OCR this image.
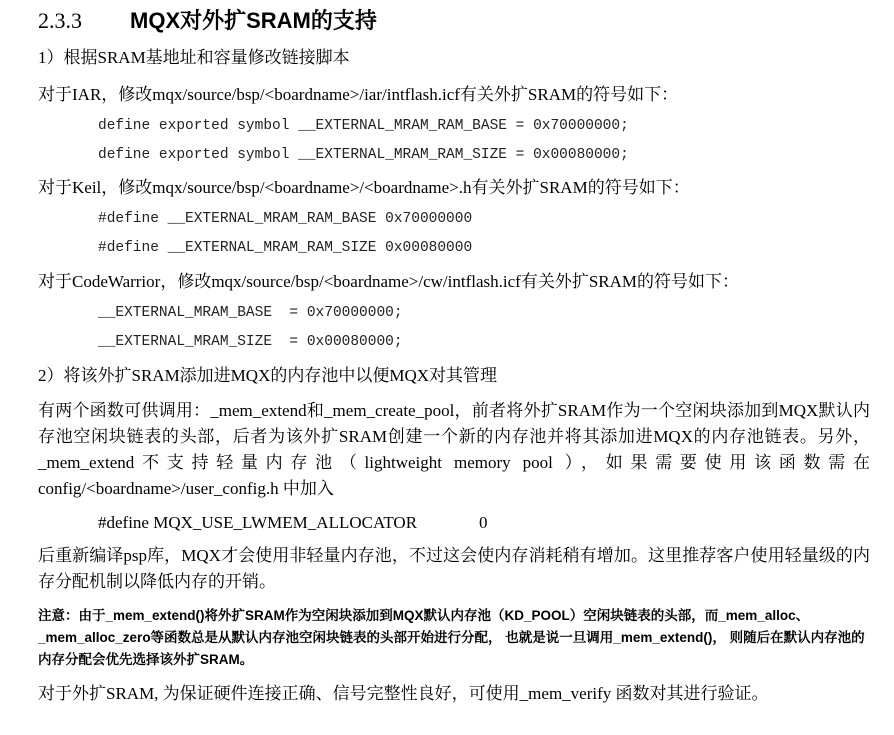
2.3.3 MQX对外扩SRAM的支持
1）根据SRAM基地址和容量修改链接脚本
对于IAR，修改mqx/source/bsp/<boardname>/iar/intflash.icf有关外扩SRAM的符号如下：
define exported symbol __EXTERNAL_MRAM_RAM_BASE = 0x70000000;
define exported symbol __EXTERNAL_MRAM_RAM_SIZE = 0x00080000;
对于Keil，修改mqx/source/bsp/<boardname>/<boardname>.h有关外扩SRAM的符号如下：
#define __EXTERNAL_MRAM_RAM_BASE 0x70000000
#define __EXTERNAL_MRAM_RAM_SIZE 0x00080000
对于CodeWarrior，修改mqx/source/bsp/<boardname>/cw/intflash.icf有关外扩SRAM的符号如下：
__EXTERNAL_MRAM_BASE  = 0x70000000;
__EXTERNAL_MRAM_SIZE  = 0x00080000;
2）将该外扩SRAM添加进MQX的内存池中以便MQX对其管理
有两个函数可供调用：_mem_extend和_mem_create_pool，前者将外扩SRAM作为一个空闲块添加到MQX默认内存池空闲块链表的头部，后者为该外扩SRAM创建一个新的内存池并将其添加进MQX的内存池链表。另外，_mem_extend不支持轻量内存池（lightweight memory pool ），如果需要使用该函数需在config/<boardname>/user_config.h 中加入
#define MQX_USE_LWMEM_ALLOCATOR	0
后重新编译psp库，MQX才会使用非轻量内存池，不过这会使内存消耗稍有增加。这里推荐客户使用轻量级的内存分配机制以降低内存的开销。
注意：由于_mem_extend()将外扩SRAM作为空闲块添加到MQX默认内存池（KD_POOL）空闲块链表的头部，而_mem_alloc、_mem_alloc_zero等函数总是从默认内存池空闲块链表的头部开始进行分配， 也就是说一旦调用_mem_extend()， 则随后在默认内存池的内存分配会优先选择该外扩SRAM。
对于外扩SRAM, 为保证硬件连接正确、信号完整性良好，可使用_mem_verify 函数对其进行验证。
